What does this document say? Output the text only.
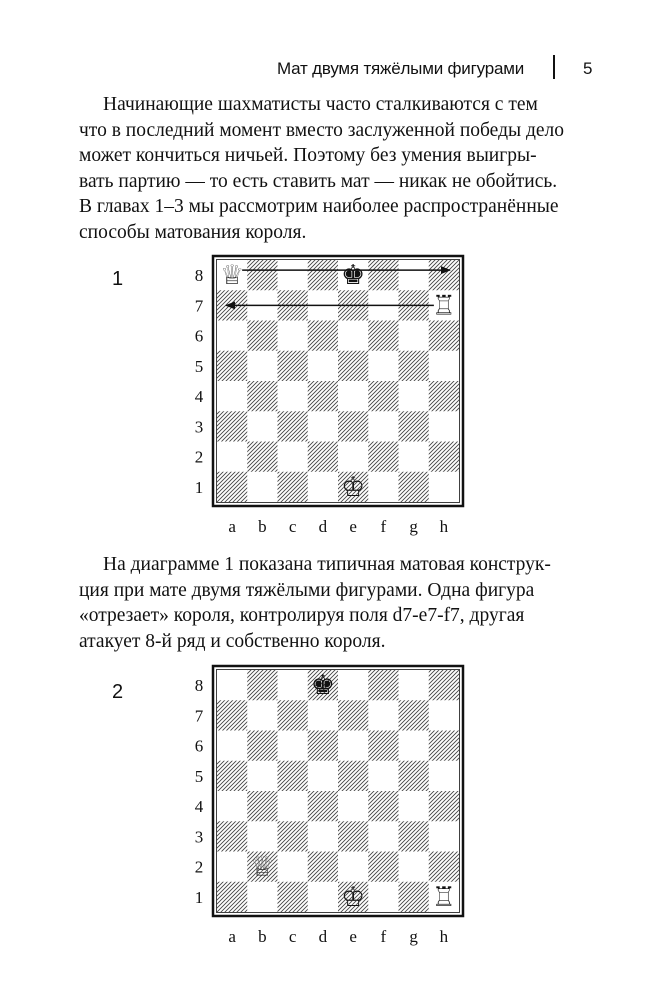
Мат двумя тяжёлыми фигурами	5
Начинающие шахматисты часто сталкиваются с тем
что в последний момент вместо заслуженной победы дело
может кончиться ничьей. Поэтому без умения выигры-
вать партию — то есть ставить мат — никак не обойтись.
В главах 1–3 мы рассмотрим наиболее распространённые
способы матования короля.
1	8
7
6
5
4
3
2
1
a b c d e f g h
♕	♚
♖
♔
На диаграмме 1 показана типичная матовая конструк-
ция при мате двумя тяжёлыми фигурами. Одна фигура
«отрезает» короля, контролируя поля d7-e7-f7, другая
атакует 8-й ряд и собственно короля.
2	8
7
6
5
4
3
2
1
a b c d e f g h
♚
♕
♔ ♖
